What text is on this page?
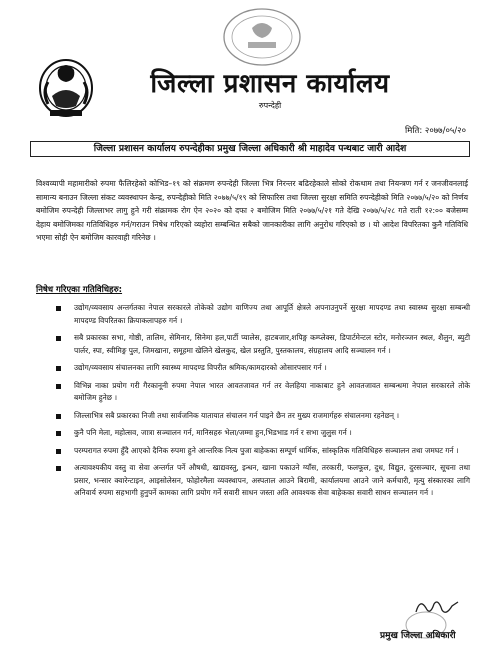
जिल्ला प्रशासन कार्यालय
रुपन्देही
मिति: २०७७/०५/२०
जिल्ला प्रशासन कार्यालय रुपन्देहीका प्रमुख जिल्ला अधिकारी श्री माहादेव पन्थबाट जारी आदेश
विश्वव्यापी महामारीको रुपमा फैलिरहेको कोभिड–१९ को संक्रमण रुपन्देही जिल्ला भित्र निरन्तर बढिरहेकाले सोको रोकथाम तथा नियन्त्रण गर्न र जनजीवनलाई सामान्य बनाउन जिल्ला संकट व्यवस्थापन केन्द्र, रुपन्देहीको मिति २०७७/५/१९ को सिफारिस तथा जिल्ला सुरक्षा समिति रुपन्देहीको मिति २०७७/५/२० को निर्णय बमोजिम रुपन्देही जिल्लाभर लागु हुने गरी संक्रामक रोग ऐन २०२० को दफा २ बमोजिम मिति २०७७/५/२१ गते देखि २०७७/५/२८ गते राती १२:०० बजेसम्म देहाय बमोजिमका गतिविधिहरु गर्न/गराउन निषेध गरिएको व्यहोरा सम्बन्धित सबैको जानकारीका लागि अनुरोध गरिएको छ । यो आदेश विपरितका कुनै गतिविधि भएमा सोही ऐन बमोजिम कारवाही गरिनेछ ।
निषेध गरिएका गतिविधिहरु:
उद्योग/व्यवसाय अन्तर्गतका नेपाल सरकारले तोकेको उद्योग वाणिज्य तथा आपूर्ति क्षेत्रले अपनाउनुपर्ने सुरक्षा मापदण्ड तथा स्वास्थ्य सुरक्षा सम्बन्धी मापदण्ड विपरितका क्रियाकलापहरु गर्न ।
सबै प्रकारका सभा, गोष्ठी, तालिम, सेमिनार, सिनेमा हल,पार्टी प्यालेस, हाटबजार,शपिङ्ग कम्प्लेक्स, डिपार्टमेन्टल स्टोर, मनोरञ्जन स्थल, शैलुन, ब्युटी पार्लर, स्पा, स्वीमिङ्ग पुल, जिमखाना, समूहमा खेलिने खेलकुद, खेल प्रस्तुति, पुस्तकालय, संग्रहालय आदि सञ्चालन गर्न ।
उद्योग/व्यवसाय संचालनका लागि स्वास्थ्य मापदण्ड विपरीत श्रमिक/कामदारको ओसारपसार गर्न ।
विभिन्न नाका प्रयोग गरी गैरकानूनी रुपमा नेपाल भारत आवतजावत गर्न तर वेलहिया नाकाबाट हुने आवतजावत सम्बन्धमा नेपाल सरकारले तोके बमोजिम हुनेछ ।
जिल्लाभित्र सबै प्रकारका निजी तथा सार्वजनिक यातायात संचालन गर्न पाइने छैन तर मुख्य राजमार्गहरु संचालनमा रहनेछन् ।
कुनै पनि मेला, महोत्सव, जात्रा सञ्चालन गर्न, मानिसहरु भेला/जम्मा हुन,भिडभाड गर्न र सभा जुलुस गर्न ।
परम्परागत रुपमा हुँदै आएको दैनिक रुपमा हुने आन्तरिक नित्य पुजा बाहेकका सम्पूर्ण धार्मिक, सांस्कृतिक गतिविधिहरु सञ्चालन तथा जमघट गर्न ।
अत्यावश्यकीय वस्तु वा सेवा अन्तर्गत पर्ने औषधी, खाद्यवस्तु, इन्धन, खाना पकाउने ग्याँस, तरकारी, फलफूल, दुध, विद्युत, दुरसञ्चार, सूचना तथा प्रसार, भन्सार क्वारेन्टाइन, आइसोलेसन, फोहोरमैला व्यवस्थापन, अस्पताल आउने बिरामी, कार्यालयमा आउने जाने कर्मचारी, मृत्यु संस्कारका लागि अनिवार्य रुपमा सहभागी हुनुपर्ने कामका लागि प्रयोग गर्ने सवारी साधन जस्ता अति आवश्यक सेवा बाहेकका सवारी साधन सञ्चालन गर्न ।
प्रमुख जिल्ला अधिकारी
